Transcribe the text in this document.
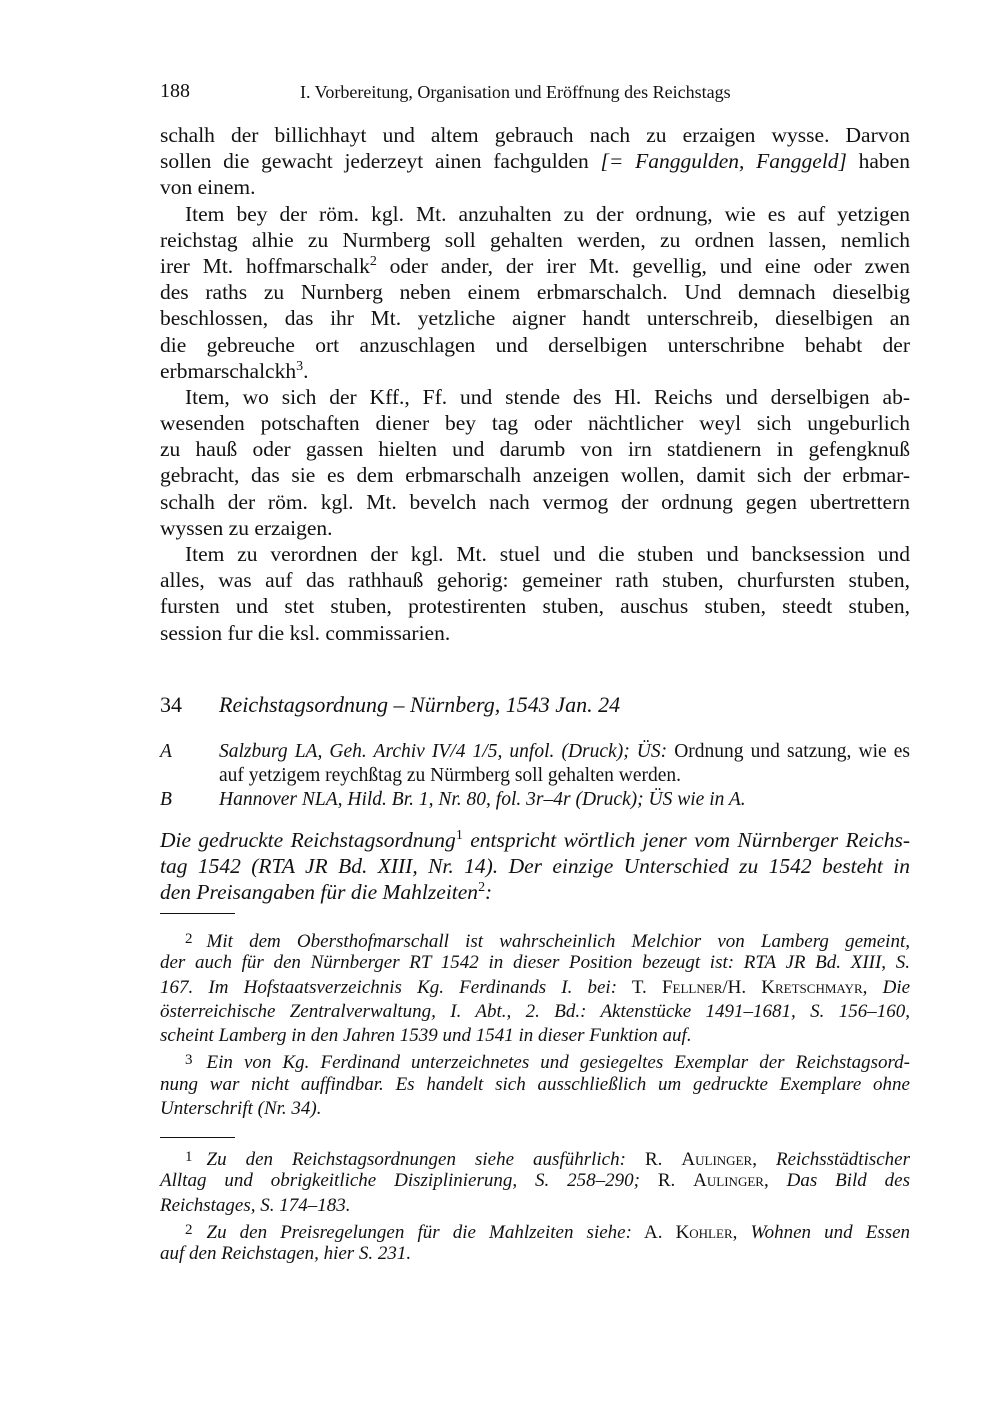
188	I. Vorbereitung, Organisation und Eröffnung des Reichstags
schalh der billichhayt und altem gebrauch nach zu erzaigen wysse. Darvon
sollen die gewacht jederzeyt ainen fachgulden [= Fanggulden, Fanggeld] haben
von einem.
Item bey der röm. kgl. Mt. anzuhalten zu der ordnung, wie es auf yetzigen
reichstag alhie zu Nurmberg soll gehalten werden, zu ordnen lassen, nemlich
irer Mt. hoffmarschalk$^2$ oder ander, der irer Mt. gevellig, und eine oder zwen
des raths zu Nurnberg neben einem erbmarschalch. Und demnach dieselbig
beschlossen, das ihr Mt. yetzliche aigner handt unterschreib, dieselbigen an
die gebreuche ort anzuschlagen und derselbigen unterschribne behabt der
erbmarschalckh$^3$.
Item, wo sich der Kff., Ff. und stende des Hl. Reichs und derselbigen ab-
wesenden potschaften diener bey tag oder nächtlicher weyl sich ungeburlich
zu hauß oder gassen hielten und darumb von irn statdienern in gefengknuß
gebracht, das sie es dem erbmarschalh anzeigen wollen, damit sich der erbmar-
schalh der röm. kgl. Mt. bevelch nach vermog der ordnung gegen ubertrettern
wyssen zu erzaigen.
Item zu verordnen der kgl. Mt. stuel und die stuben und bancksession und
alles, was auf das rathhauß gehorig: gemeiner rath stuben, churfursten stuben,
fursten und stet stuben, protestirenten stuben, auschus stuben, steedt stuben,
session fur die ksl. commissarien.
34 Reichstagsordnung – Nürnberg, 1543 Jan. 24
A Salzburg LA, Geh. Archiv IV/4 1/5, unfol. (Druck); ÜS: Ordnung und satzung, wie es auf yetzigem reychßtag zu Nürmberg soll gehalten werden.
B Hannover NLA, Hild. Br. 1, Nr. 80, fol. 3r–4r (Druck); ÜS wie in A.
Die gedruckte Reichstagsordnung$^1$ entspricht wörtlich jener vom Nürnberger Reichs-
tag 1542 (RTA JR Bd. XIII, Nr. 14). Der einzige Unterschied zu 1542 besteht in
den Preisangaben für die Mahlzeiten$^2$:
2 Mit dem Obersthofmarschall ist wahrscheinlich Melchior von Lamberg gemeint,
der auch für den Nürnberger RT 1542 in dieser Position bezeugt ist: RTA JR Bd. XIII, S.
167. Im Hofstaatsverzeichnis Kg. Ferdinands I. bei: T. Fellner/H. Kretschmayr, Die
österreichische Zentralverwaltung, I. Abt., 2. Bd.: Aktenstücke 1491–1681, S. 156–160,
scheint Lamberg in den Jahren 1539 und 1541 in dieser Funktion auf.
3 Ein von Kg. Ferdinand unterzeichnetes und gesiegeltes Exemplar der Reichstagsord-
nung war nicht auffindbar. Es handelt sich ausschließlich um gedruckte Exemplare ohne
Unterschrift (Nr. 34).
1 Zu den Reichstagsordnungen siehe ausführlich: R. Aulinger, Reichsstädtischer
Alltag und obrigkeitliche Disziplinierung, S. 258–290; R. Aulinger, Das Bild des
Reichstages, S. 174–183.
2 Zu den Preisregelungen für die Mahlzeiten siehe: A. Kohler, Wohnen und Essen
auf den Reichstagen, hier S. 231.
